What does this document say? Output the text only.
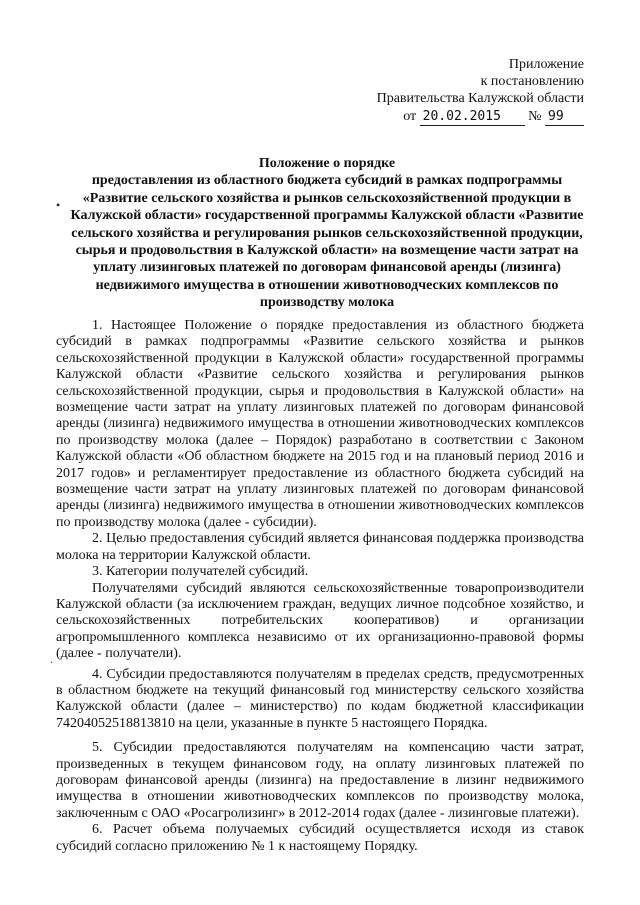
Приложение
к постановлению
Правительства Калужской области
от 20.02.2015 № 99
Положение о порядке
предоставления из областного бюджета субсидий в рамках подпрограммы «Развитие сельского хозяйства и рынков сельскохозяйственной продукции в Калужской области» государственной программы Калужской области «Развитие сельского хозяйства и регулирования рынков сельскохозяйственной продукции, сырья и продовольствия в Калужской области» на возмещение части затрат на уплату лизинговых платежей по договорам финансовой аренды (лизинга) недвижимого имущества в отношении животноводческих комплексов по производству молока
•
.

1. Настоящее Положение о порядке предоставления из областного бюджета субсидий в рамках подпрограммы «Развитие сельского хозяйства и рынков сельскохозяйственной продукции в Калужской области» государственной программы Калужской области «Развитие сельского хозяйства и регулирования рынков сельскохозяйственной продукции, сырья и продовольствия в Калужской области» на возмещение части затрат на уплату лизинговых платежей по договорам финансовой аренды (лизинга) недвижимого имущества в отношении животноводческих комплексов по производству молока (далее – Порядок) разработано в соответствии с Законом Калужской области «Об областном бюджете на 2015 год и на плановый период 2016 и 2017 годов» и регламентирует предоставление из областного бюджета субсидий на возмещение части затрат на уплату лизинговых платежей по договорам финансовой аренды (лизинга) недвижимого имущества в отношении животноводческих комплексов по производству молока (далее - субсидии).

2. Целью предоставления субсидий является финансовая поддержка производства молока на территории Калужской области.

3. Категории получателей субсидий.

Получателями субсидий являются сельскохозяйственные товаропроизводители Калужской области (за исключением граждан, ведущих личное подсобное хозяйство, и сельскохозяйственных потребительских кооперативов) и организации агропромышленного комплекса независимо от их организационно-правовой формы (далее - получатели).

4. Субсидии предоставляются получателям в пределах средств, предусмотренных в областном бюджете на текущий финансовый год министерству сельского хозяйства Калужской области (далее – министерство) по кодам бюджетной классификации 74204052518813810 на цели, указанные в пункте 5 настоящего Порядка.

5. Субсидии предоставляются получателям на компенсацию части затрат, произведенных в текущем финансовом году, на оплату лизинговых платежей по договорам финансовой аренды (лизинга) на предоставление в лизинг недвижимого имущества в отношении животноводческих комплексов по производству молока, заключенным с ОАО «Росагролизинг» в 2012-2014 годах (далее - лизинговые платежи).

6. Расчет объема получаемых субсидий осуществляется исходя из ставок субсидий согласно приложению № 1 к настоящему Порядку.
